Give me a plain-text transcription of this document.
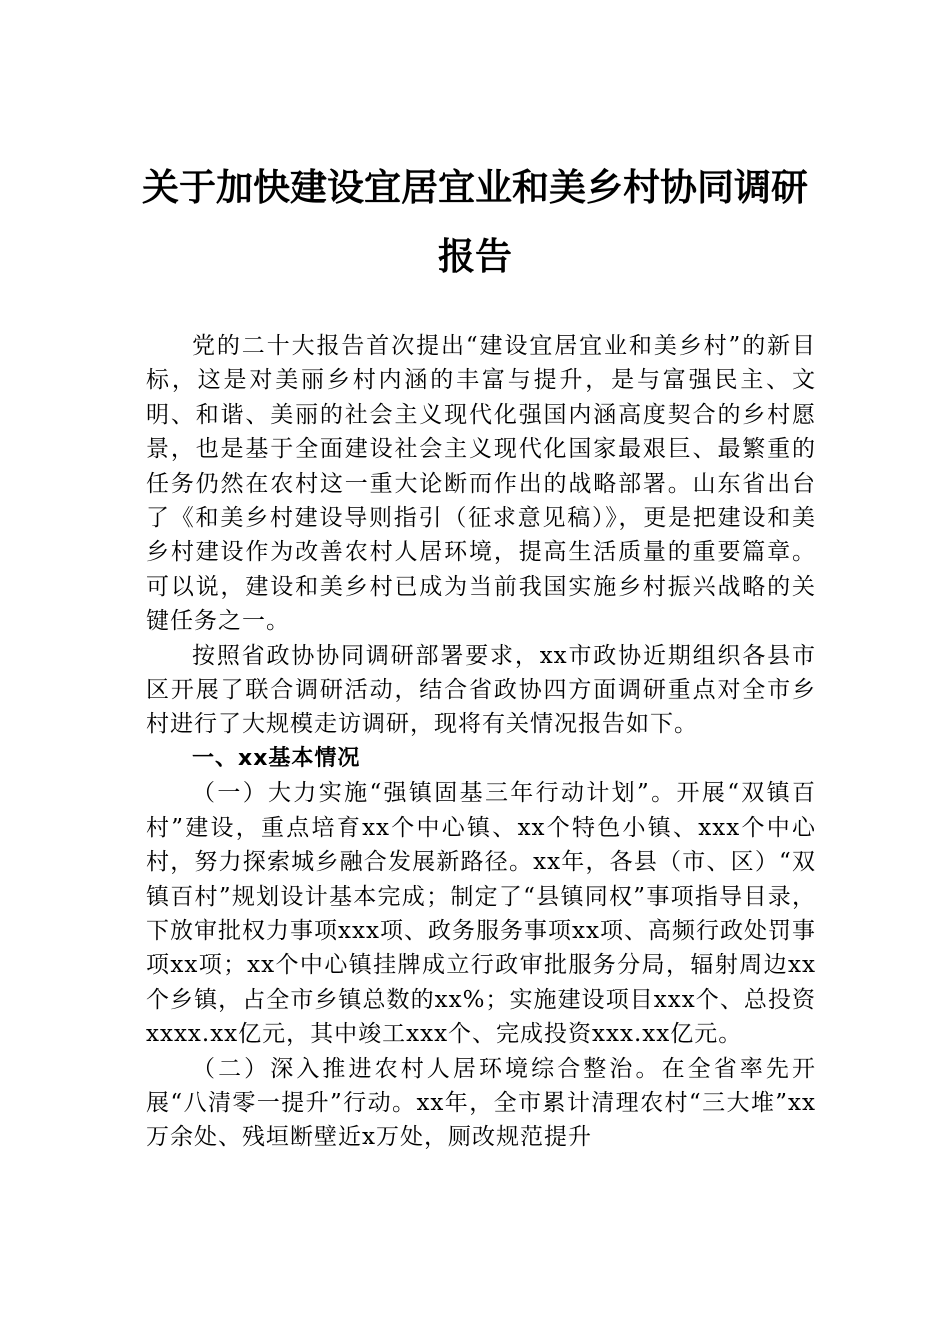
关于加快建设宜居宜业和美乡村协同调研
报告

党的二十大报告首次提出“建设宜居宜业和美乡村”的新目标，这是对美丽乡村内涵的丰富与提升，是与富强民主、文明、和谐、美丽的社会主义现代化强国内涵高度契合的乡村愿景，也是基于全面建设社会主义现代化国家最艰巨、最繁重的任务仍然在农村这一重大论断而作出的战略部署。山东省出台了《和美乡村建设导则指引（征求意见稿）》，更是把建设和美乡村建设作为改善农村人居环境，提高生活质量的重要篇章。可以说，建设和美乡村已成为当前我国实施乡村振兴战略的关键任务之一。

按照省政协协同调研部署要求，xx市政协近期组织各县市区开展了联合调研活动，结合省政协四方面调研重点对全市乡村进行了大规模走访调研，现将有关情况报告如下。

一、xx基本情况

（一）大力实施“强镇固基三年行动计划”。开展“双镇百村”建设，重点培育xx个中心镇、xx个特色小镇、xxx个中心村，努力探索城乡融合发展新路径。xx年，各县（市、区）“双镇百村”规划设计基本完成；制定了“县镇同权”事项指导目录，下放审批权力事项xxx项、政务服务事项xx项、高频行政处罚事项xx项；xx个中心镇挂牌成立行政审批服务分局，辐射周边xx个乡镇，占全市乡镇总数的xx%；实施建设项目xxx个、总投资xxxx.xx亿元，其中竣工xxx个、完成投资xxx.xx亿元。

（二）深入推进农村人居环境综合整治。在全省率先开展“八清零一提升”行动。xx年，全市累计清理农村“三大堆”xx万余处、残垣断壁近x万处，厕改规范提升
